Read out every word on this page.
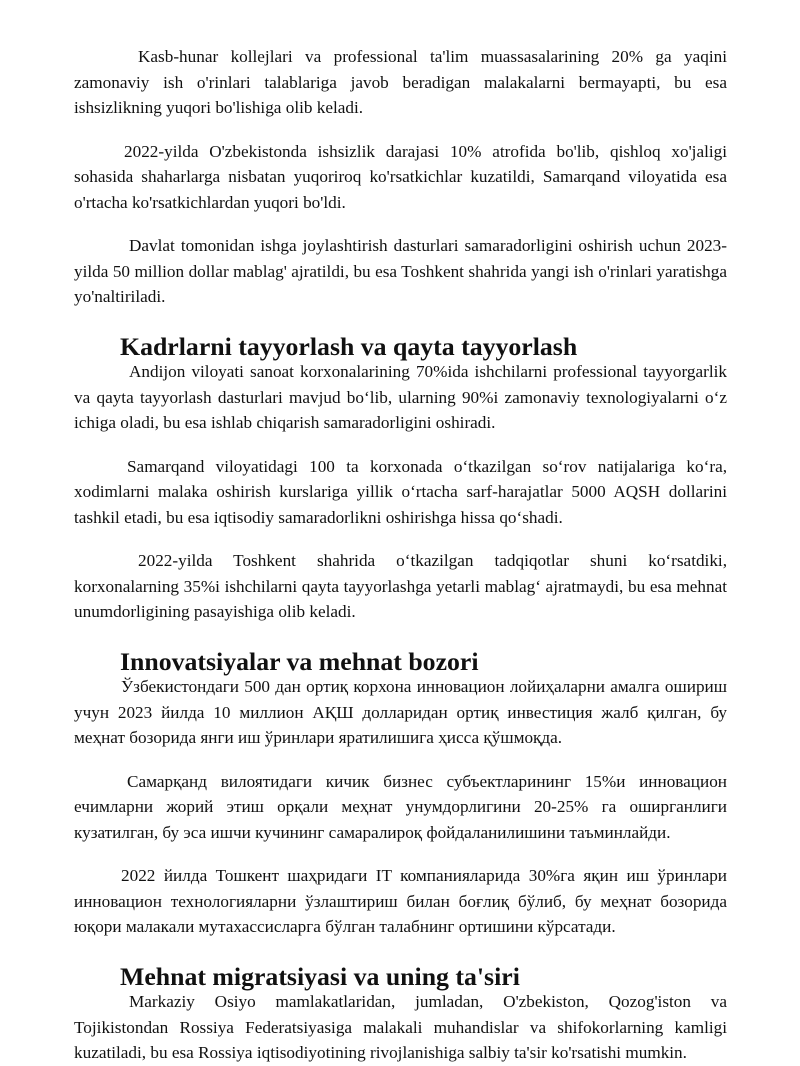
Kasb-hunar kollejlari va professional ta'lim muassasalarining 20% ga yaqini zamonaviy ish o'rinlari talablariga javob beradigan malakalarni bermayapti, bu esa ishsizlikning yuqori bo'lishiga olib keladi.

2022-yilda O'zbekistonda ishsizlik darajasi 10% atrofida bo'lib, qishloq xo'jaligi sohasida shaharlarga nisbatan yuqoriroq ko'rsatkichlar kuzatildi, Samarqand viloyatida esa o'rtacha ko'rsatkichlardan yuqori bo'ldi.

Davlat tomonidan ishga joylashtirish dasturlari samaradorligini oshirish uchun 2023-yilda 50 million dollar mablag' ajratildi, bu esa Toshkent shahrida yangi ish o'rinlari yaratishga yo'naltiriladi.

Kadrlarni tayyorlash va qayta tayyorlash

Andijon viloyati sanoat korxonalarining 70%ida ishchilarni professional tayyorgarlik va qayta tayyorlash dasturlari mavjud bo‘lib, ularning 90%i zamonaviy texnologiyalarni o‘z ichiga oladi, bu esa ishlab chiqarish samaradorligini oshiradi.

Samarqand viloyatidagi 100 ta korxonada o‘tkazilgan so‘rov natijalariga ko‘ra, xodimlarni malaka oshirish kurslariga yillik o‘rtacha sarf-harajatlar 5000 AQSH dollarini tashkil etadi, bu esa iqtisodiy samaradorlikni oshirishga hissa qo‘shadi.

2022-yilda Toshkent shahrida o‘tkazilgan tadqiqotlar shuni ko‘rsatdiki, korxonalarning 35%i ishchilarni qayta tayyorlashga yetarli mablag‘ ajratmaydi, bu esa mehnat unumdorligining pasayishiga olib keladi.

Innovatsiyalar va mehnat bozori

Ўзбекистондаги 500 дан ортиқ корхона инновацион лойиҳаларни амалга ошириш учун 2023 йилда 10 миллион АҚШ долларидан ортиқ инвестиция жалб қилган, бу меҳнат бозорида янги иш ўринлари яратилишига ҳисса қўшмоқда.

Самарқанд вилоятидаги кичик бизнес субъектларининг 15%и инновацион ечимларни жорий этиш орқали меҳнат унумдорлигини 20-25% га оширганлиги кузатилган, бу эса ишчи кучининг самаралироқ фойдаланилишини таъминлайди.

2022 йилда Тошкент шаҳридаги IT компанияларида 30%га яқин иш ўринлари инновацион технологияларни ўзлаштириш билан боғлиқ бўлиб, бу меҳнат бозорида юқори малакали мутахассисларга бўлган талабнинг ортишини кўрсатади.

Mehnat migratsiyasi va uning ta'siri

Markaziy Osiyo mamlakatlaridan, jumladan, O'zbekiston, Qozog'iston va Tojikistondan Rossiya Federatsiyasiga malakali muhandislar va shifokorlarning kamligi kuzatiladi, bu esa Rossiya iqtisodiyotining rivojlanishiga salbiy ta'sir ko'rsatishi mumkin.
